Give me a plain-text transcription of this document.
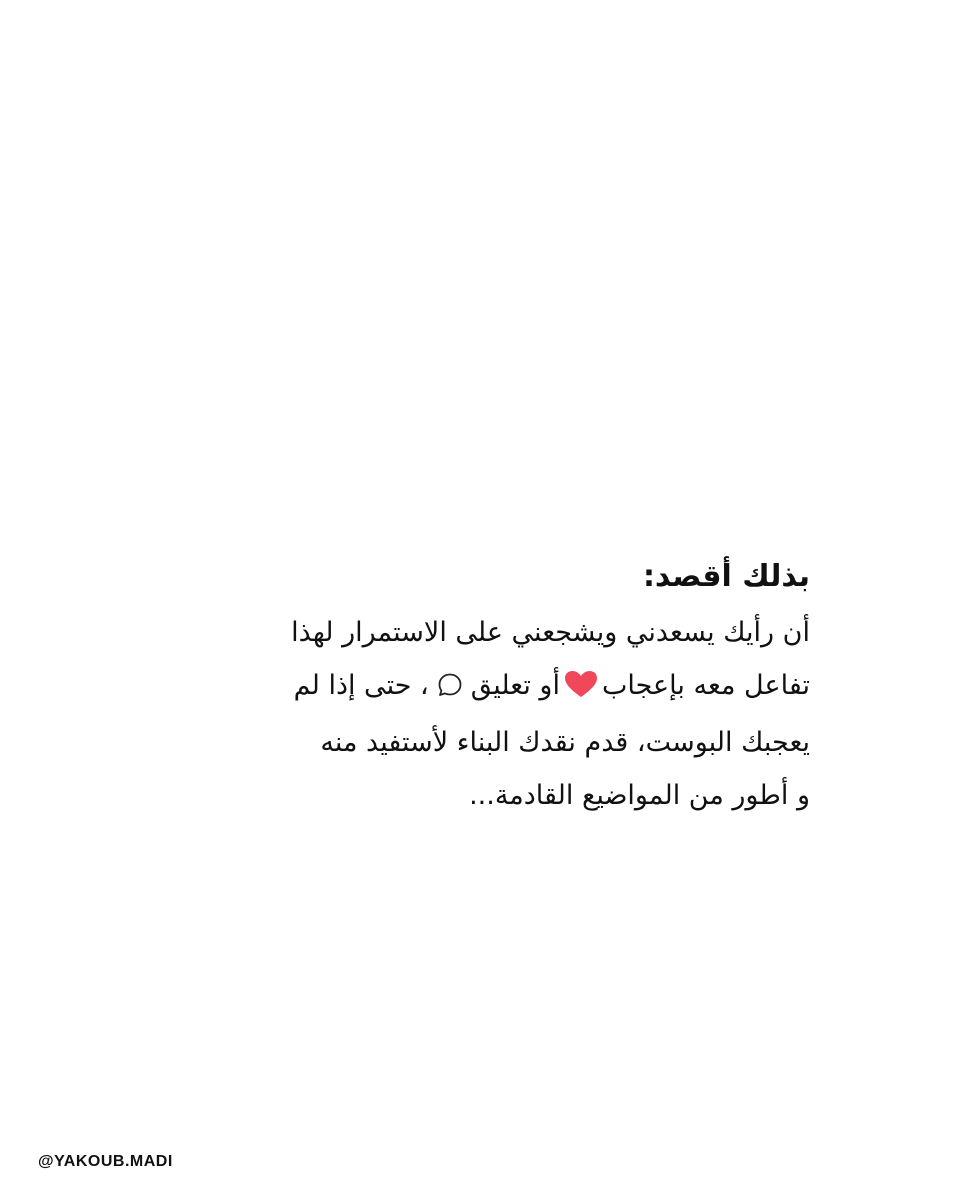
بذلك أقصد:
أن رأيك يسعدني ويشجعني على الاستمرار لهذا
تفاعل معه بإعجابأو تعليق، حتى إذا لم
يعجبك البوست، قدم نقدك البناء لأستفيد منه
و أطور من المواضيع القادمة...
@YAKOUB.MADI
